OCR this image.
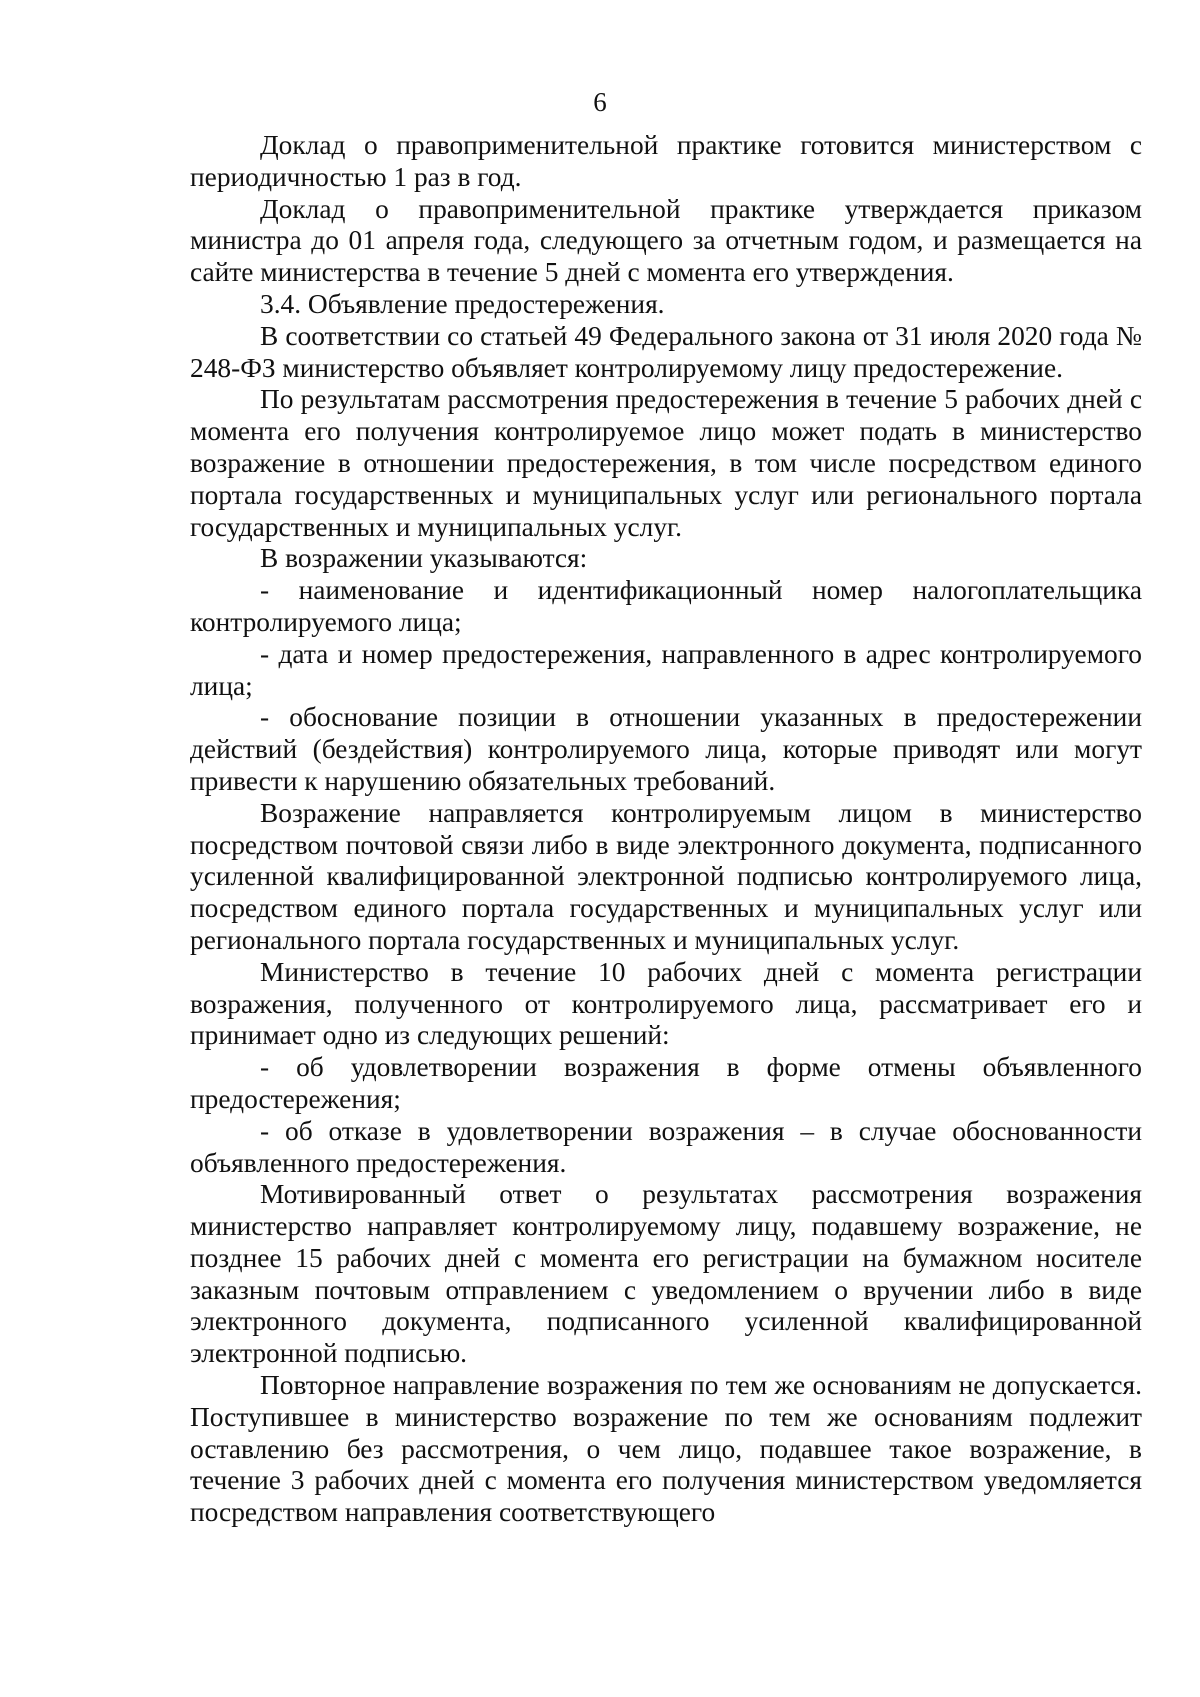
6

Доклад о правоприменительной практике готовится министерством с периодичностью 1 раз в год.

Доклад о правоприменительной практике утверждается приказом министра до 01 апреля года, следующего за отчетным годом, и размещается на сайте министерства в течение 5 дней с момента его утверждения.

3.4. Объявление предостережения.

В соответствии со статьей 49 Федерального закона от 31 июля 2020 года № 248-ФЗ министерство объявляет контролируемому лицу предостережение.

По результатам рассмотрения предостережения в течение 5 рабочих дней с момента его получения контролируемое лицо может подать в министерство возражение в отношении предостережения, в том числе посредством единого портала государственных и муниципальных услуг или регионального портала государственных и муниципальных услуг.

В возражении указываются:

- наименование и идентификационный номер налогоплательщика контролируемого лица;

- дата и номер предостережения, направленного в адрес контролируемого лица;

- обоснование позиции в отношении указанных в предостережении действий (бездействия) контролируемого лица, которые приводят или могут привести к нарушению обязательных требований.

Возражение направляется контролируемым лицом в министерство посредством почтовой связи либо в виде электронного документа, подписанного усиленной квалифицированной электронной подписью контролируемого лица, посредством единого портала государственных и муниципальных услуг или регионального портала государственных и муниципальных услуг.

Министерство в течение 10 рабочих дней с момента регистрации возражения, полученного от контролируемого лица, рассматривает его и принимает одно из следующих решений:

- об удовлетворении возражения в форме отмены объявленного предостережения;

- об отказе в удовлетворении возражения – в случае обоснованности объявленного предостережения.

Мотивированный ответ о результатах рассмотрения возражения министерство направляет контролируемому лицу, подавшему возражение, не позднее 15 рабочих дней с момента его регистрации на бумажном носителе заказным почтовым отправлением с уведомлением о вручении либо в виде электронного документа, подписанного усиленной квалифицированной электронной подписью.

Повторное направление возражения по тем же основаниям не допускается. Поступившее в министерство возражение по тем же основаниям подлежит оставлению без рассмотрения, о чем лицо, подавшее такое возражение, в течение 3 рабочих дней с момента его получения министерством уведомляется посредством направления соответствующего
